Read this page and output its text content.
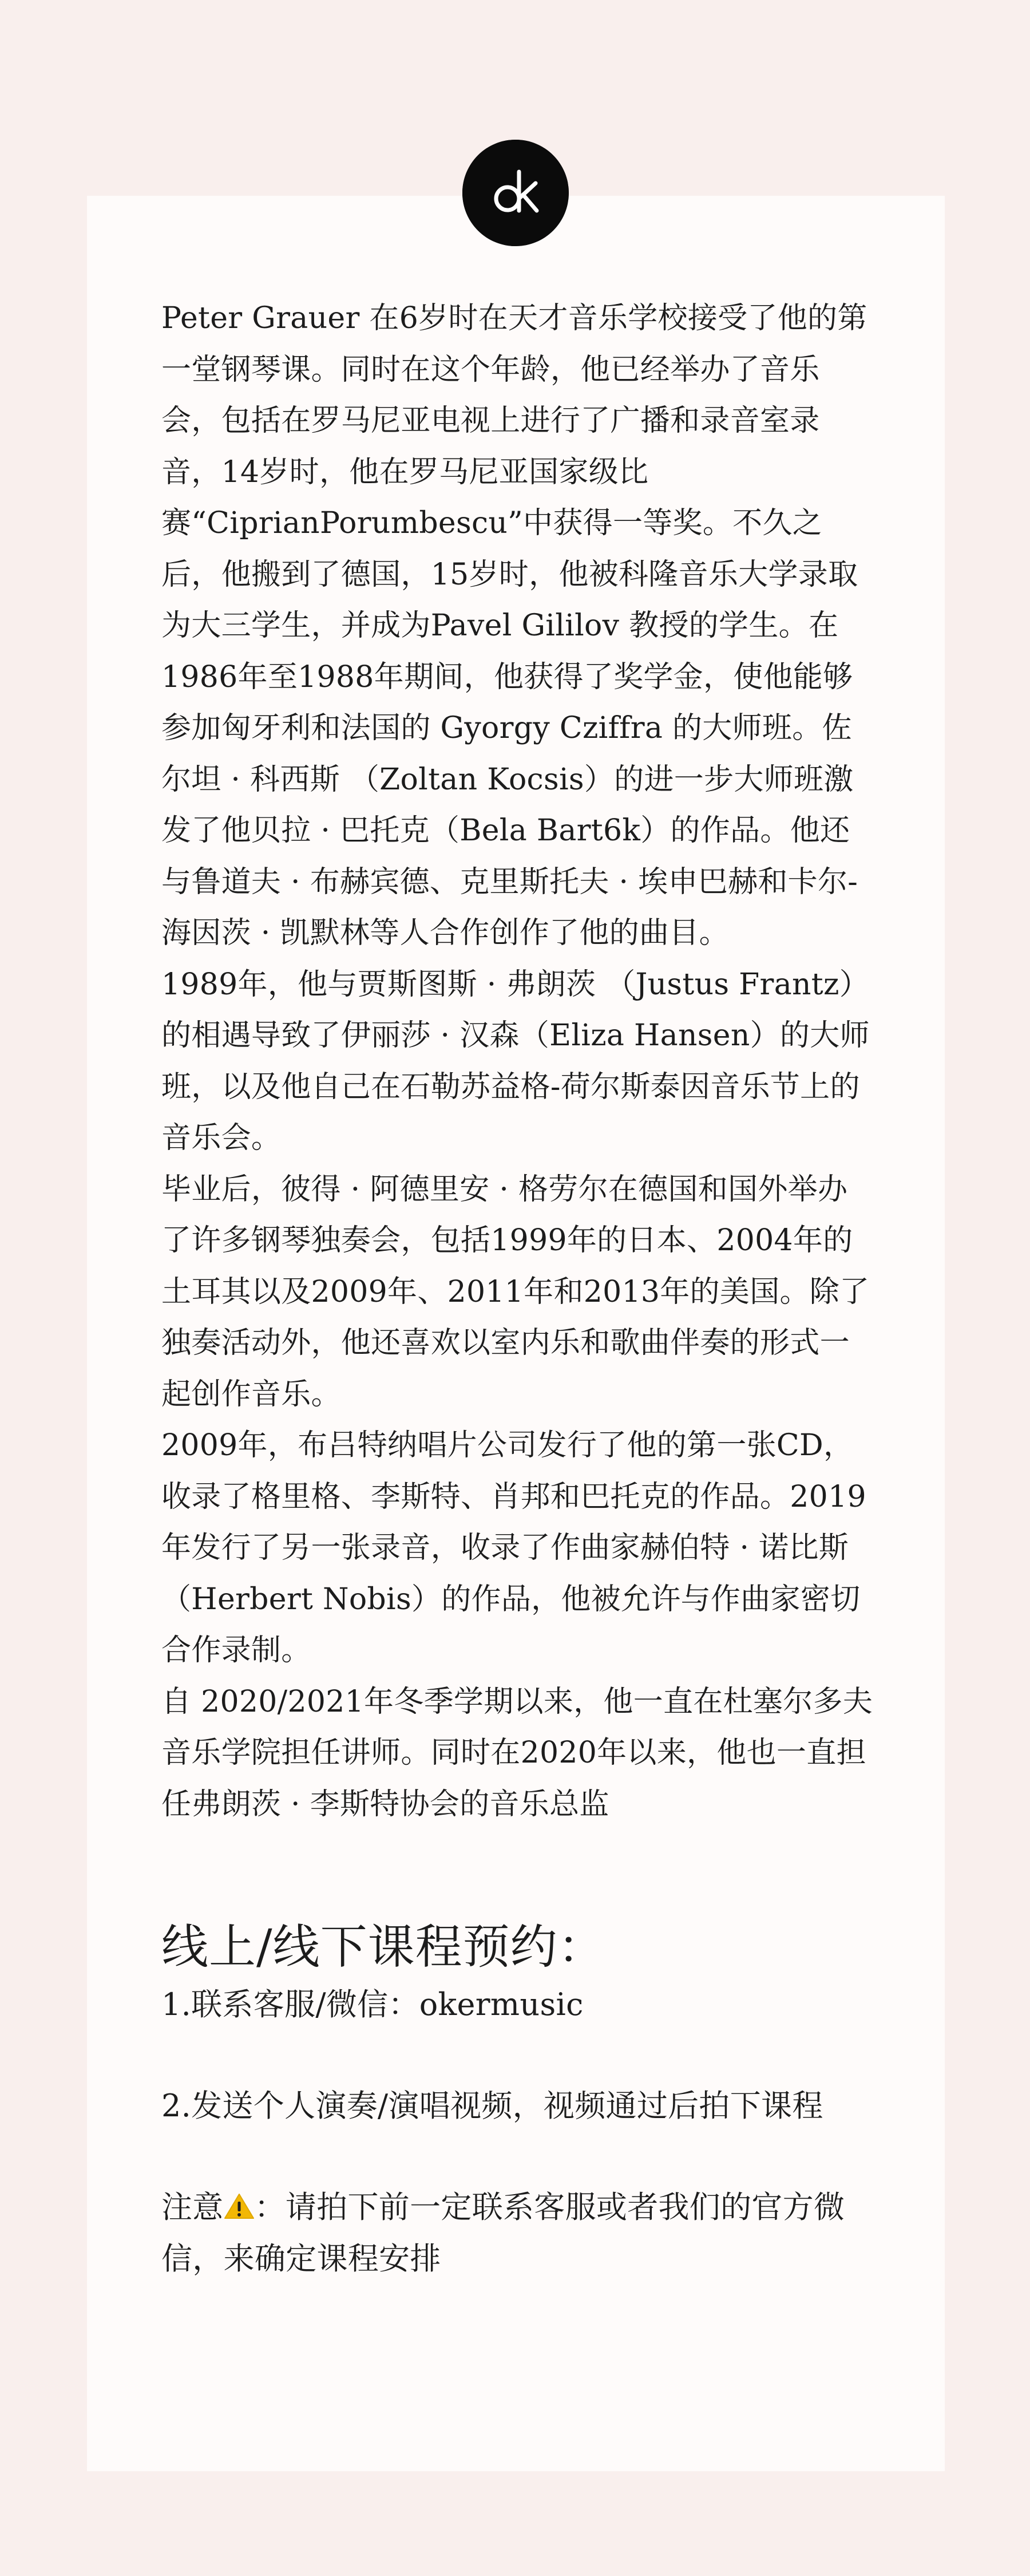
Peter Grauer 在6岁时在天才音乐学校接受了他的第一堂钢琴课。同时在这个年龄，他已经举办了音乐会，包括在罗马尼亚电视上进行了广播和录音室录音，14岁时，他在罗马尼亚国家级比赛“CiprianPorumbescu”中获得一等奖。不久之后，他搬到了德国，15岁时，他被科隆音乐大学录取为大三学生，并成为Pavel Gililov 教授的学生。在1986年至1988年期间，他获得了奖学金，使他能够参加匈牙利和法国的 Gyorgy Cziffra 的大师班。佐尔坦 · 科西斯 （Zoltan Kocsis）的进一步大师班激发了他贝拉 · 巴托克（Bela Bart6k）的作品。他还与鲁道夫 · 布赫宾德、克里斯托夫 · 埃申巴赫和卡尔-海因茨 · 凯默林等人合作创作了他的曲目。

1989年，他与贾斯图斯 · 弗朗茨 （Justus Frantz）的相遇导致了伊丽莎 · 汉森（Eliza Hansen）的大师班，以及他自己在石勒苏益格-荷尔斯泰因音乐节上的音乐会。

毕业后，彼得 · 阿德里安 · 格劳尔在德国和国外举办了许多钢琴独奏会，包括1999年的日本、2004年的土耳其以及2009年、2011年和2013年的美国。除了独奏活动外，他还喜欢以室内乐和歌曲伴奏的形式一起创作音乐。

2009年，布吕特纳唱片公司发行了他的第一张CD，收录了格里格、李斯特、肖邦和巴托克的作品。2019年发行了另一张录音，收录了作曲家赫伯特 · 诺比斯（Herbert Nobis）的作品，他被允许与作曲家密切合作录制。

自 2020/2021年冬季学期以来，他一直在杜塞尔多夫音乐学院担任讲师。同时在2020年以来，他也一直担任弗朗茨 · 李斯特协会的音乐总监

线上/线下课程预约：

1.联系客服/微信：okermusic

2.发送个人演奏/演唱视频，视频通过后拍下课程

注意 ：请拍下前一定联系客服或者我们的官方微信，来确定课程安排
